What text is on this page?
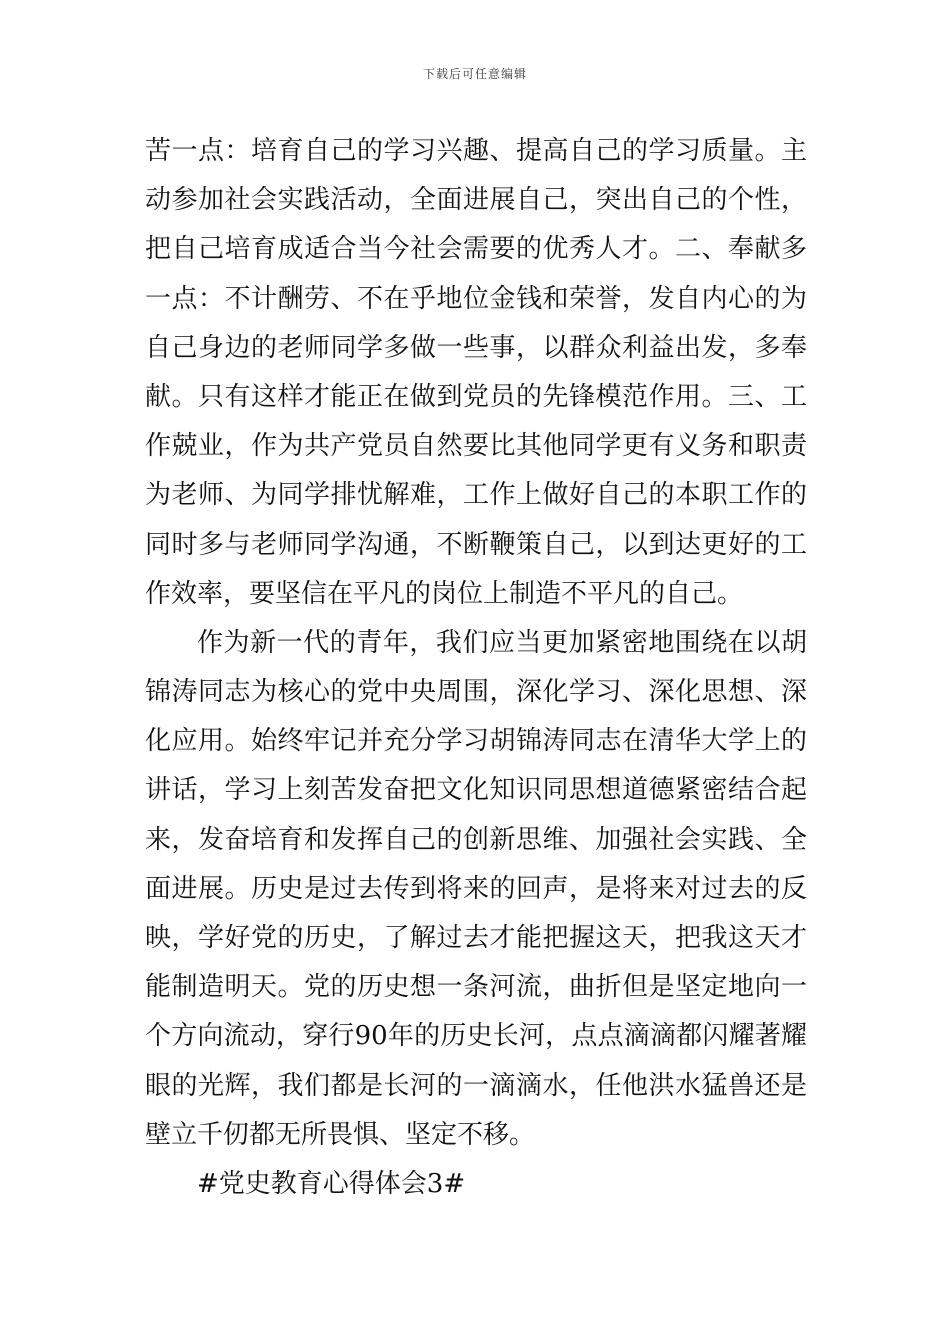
下载后可任意编辑

苦一点：培育自己的学习兴趣、提高自己的学习质量。主
动参加社会实践活动，全面进展自己，突出自己的个性，
把自己培育成适合当今社会需要的优秀人才。二、奉献多
一点：不计酬劳、不在乎地位金钱和荣誉，发自内心的为
自己身边的老师同学多做一些事，以群众利益出发，多奉
献。只有这样才能正在做到党员的先锋模范作用。三、工
作兢业，作为共产党员自然要比其他同学更有义务和职责
为老师、为同学排忧解难，工作上做好自己的本职工作的
同时多与老师同学沟通，不断鞭策自己，以到达更好的工
作效率，要坚信在平凡的岗位上制造不平凡的自己。

作为新一代的青年，我们应当更加紧密地围绕在以胡
锦涛同志为核心的党中央周围，深化学习、深化思想、深
化应用。始终牢记并充分学习胡锦涛同志在清华大学上的
讲话，学习上刻苦发奋把文化知识同思想道德紧密结合起
来，发奋培育和发挥自己的创新思维、加强社会实践、全
面进展。历史是过去传到将来的回声，是将来对过去的反
映，学好党的历史，了解过去才能把握这天，把我这天才
能制造明天。党的历史想一条河流，曲折但是坚定地向一
个方向流动，穿行90年的历史长河，点点滴滴都闪耀著耀
眼的光辉，我们都是长河的一滴滴水，任他洪水猛兽还是
壁立千仞都无所畏惧、坚定不移。

#党史教育心得体会3#
